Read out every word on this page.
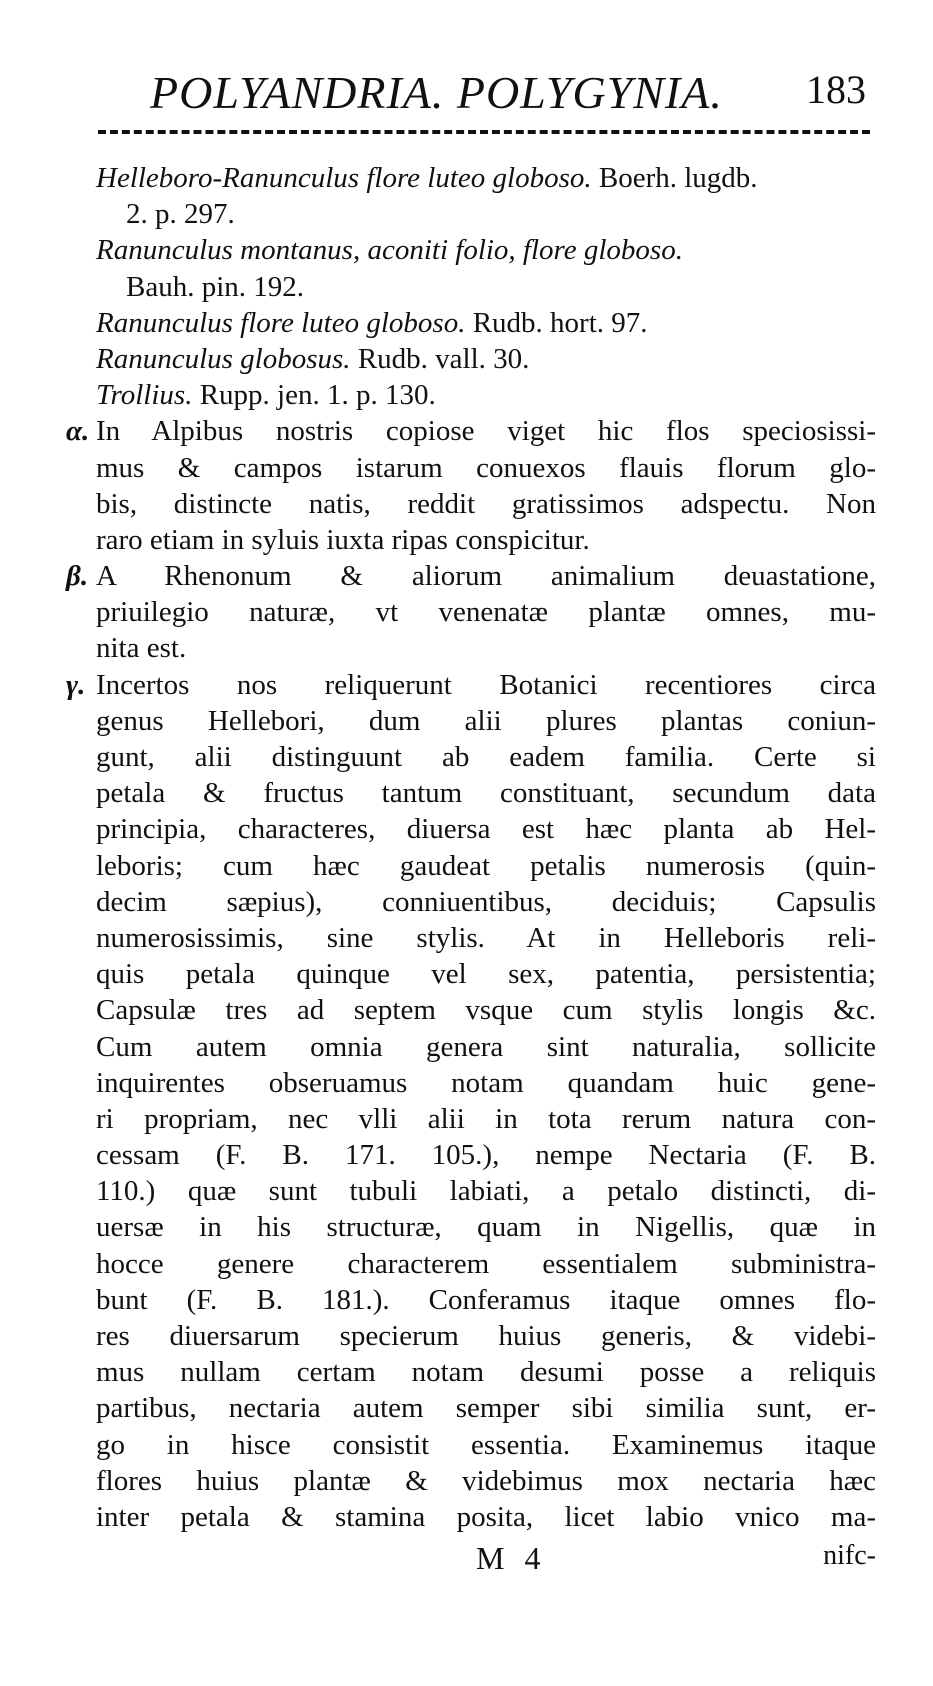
POLYANDRIA. POLYGYNIA. 183
Helleboro-Ranunculus flore luteo globoso. Boerh. lugdb.
2. p. 297.
Ranunculus montanus, aconiti folio, flore globoso.
Bauh. pin. 192.
Ranunculus flore luteo globoso. Rudb. hort. 97.
Ranunculus globosus. Rudb. vall. 30.
Trollius. Rupp. jen. 1. p. 130.
α. In Alpibus nostris copiose viget hic flos speciosissi-
mus & campos istarum conuexos flauis florum glo-
bis, distincte natis, reddit gratissimos adspectu. Non
raro etiam in syluis iuxta ripas conspicitur.
β. A Rhenonum & aliorum animalium deuastatione,
priuilegio naturæ, vt venenatæ plantæ omnes, mu-
nita est.
γ. Incertos nos reliquerunt Botanici recentiores circa
genus Hellebori, dum alii plures plantas coniun-
gunt, alii distinguunt ab eadem familia. Certe si
petala & fructus tantum constituant, secundum data
principia, characteres, diuersa est hæc planta ab Hel-
leboris; cum hæc gaudeat petalis numerosis (quin-
decim sæpius), conniuentibus, deciduis; Capsulis
numerosissimis, sine stylis. At in Helleboris reli-
quis petala quinque vel sex, patentia, persistentia;
Capsulæ tres ad septem vsque cum stylis longis &c.
Cum autem omnia genera sint naturalia, sollicite
inquirentes obseruamus notam quandam huic gene-
ri propriam, nec vlli alii in tota rerum natura con-
cessam (F. B. 171. 105.), nempe Nectaria (F. B.
110.) quæ sunt tubuli labiati, a petalo distincti, di-
uersæ in his structuræ, quam in Nigellis, quæ in
hocce genere characterem essentialem subministra-
bunt (F. B. 181.). Conferamus itaque omnes flo-
res diuersarum specierum huius generis, & videbi-
mus nullam certam notam desumi posse a reliquis
partibus, nectaria autem semper sibi similia sunt, er-
go in hisce consistit essentia. Examinemus itaque
flores huius plantæ & videbimus mox nectaria hæc
inter petala & stamina posita, licet labio vnico ma-
M 4	nifc-
